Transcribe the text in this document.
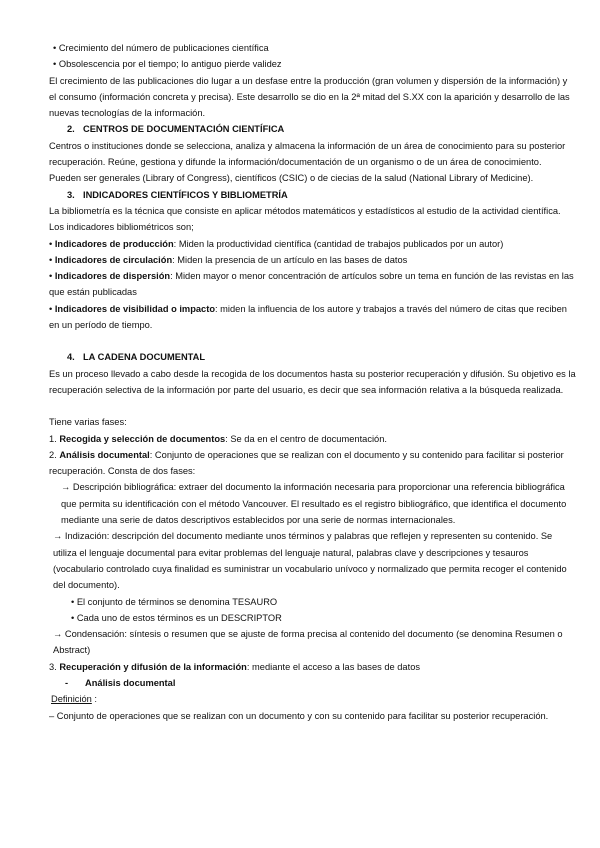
• Crecimiento del número de publicaciones científica

• Obsolescencia por el tiempo; lo antiguo pierde validez

El crecimiento de las publicaciones dio lugar a un desfase entre la producción (gran volumen y dispersión de la información) y el consumo (información concreta y precisa). Este desarrollo se dio en la 2ª mitad del S.XX con la aparición y desarrollo de las nuevas tecnologías de la información.

2. CENTROS DE DOCUMENTACIÓN CIENTÍFICA

Centros o instituciones donde se selecciona, analiza y almacena la información de un área de conocimiento para su posterior recuperación. Reúne, gestiona y difunde la información/documentación de un organismo o de un área de conocimiento.

Pueden ser generales (Library of Congress), científicos (CSIC) o de ciecias de la salud (National Library of Medicine).

3. INDICADORES CIENTÍFICOS Y BIBLIOMETRÍA

La bibliometría es la técnica que consiste en aplicar métodos matemáticos y estadísticos al estudio de la actividad científica. Los indicadores bibliométricos son;

• Indicadores de producción: Miden la productividad científica (cantidad de trabajos publicados por un autor)

• Indicadores de circulación: Miden la presencia de un artículo en las bases de datos

• Indicadores de dispersión: Miden mayor o menor concentración de artículos sobre un tema en función de las revistas en las que están publicadas

• Indicadores de visibilidad o impacto: miden la influencia de los autore y trabajos a través del número de citas que reciben en un período de tiempo.

4. LA CADENA DOCUMENTAL

Es un proceso llevado a cabo desde la recogida de los documentos hasta su posterior recuperación y difusión. Su objetivo es la recuperación selectiva de la información por parte del usuario, es decir que sea información relativa a la búsqueda realizada.

Tiene varias fases:

1. Recogida y selección de documentos: Se da en el centro de documentación.

2. Análisis documental: Conjunto de operaciones que se realizan con el documento y su contenido para facilitar si posterior recuperación. Consta de dos fases:

→ Descripción bibliográfica: extraer del documento la información necesaria para proporcionar una referencia bibliográfica que permita su identificación con el método Vancouver. El resultado es el registro bibliográfico, que identifica el documento mediante una serie de datos descriptivos establecidos por una serie de normas internacionales.

→ Indización: descripción del documento mediante unos términos y palabras que reflejen y representen su contenido. Se utiliza el lenguaje documental para evitar problemas del lenguaje natural, palabras clave y descripciones y tesauros (vocabulario controlado cuya finalidad es suministrar un vocabulario unívoco y normalizado que permita recoger el contenido del documento).

• El conjunto de términos se denomina TESAURO

• Cada uno de estos términos es un DESCRIPTOR

→ Condensación: síntesis o resumen que se ajuste de forma precisa al contenido del documento (se denomina Resumen o Abstract)

3. Recuperación y difusión de la información: mediante el acceso a las bases de datos

- Análisis documental

Definición :

– Conjunto de operaciones que se realizan con un documento y con su contenido para facilitar su posterior recuperación.
